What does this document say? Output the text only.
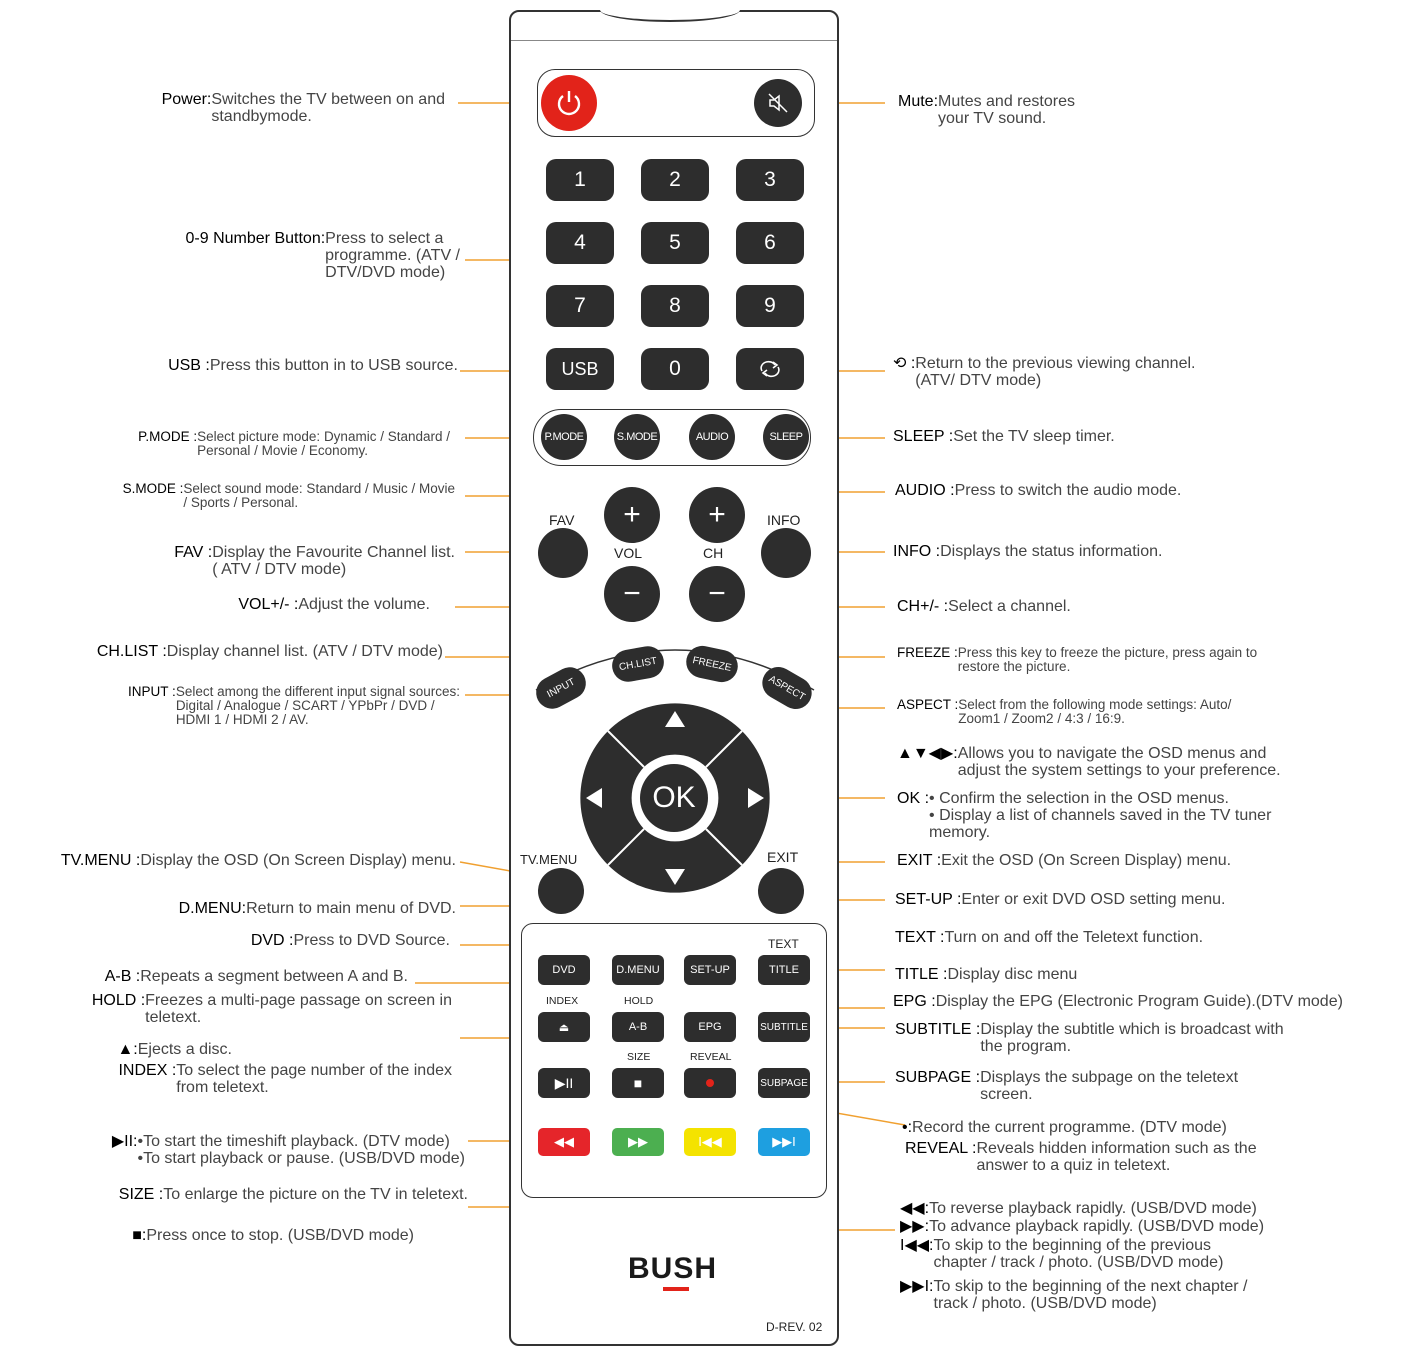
1	2	3
4	5	6
7	8	9
USB	0
P.MODE	S.MODE	AUDIO	SLEEP
FAV	INFO
+ +
VOL	CH
− −
INPUT
CH.LIST	FREEZE
ASPECT
OK
TV.MENU	EXIT
TEXT
DVD	D.MENU	SET-UP	TITLE
INDEX	HOLD
⏏	A-B	EPG	SUBTITLE
SIZE	REVEAL
▶II	■	SUBPAGE
◀◀	▶▶	I◀◀	▶▶I
BUSH
D-REV. 02
Power: Switches the TV between on and
standbymode.
0-9 Number Button: Press to select a
programme. (ATV /
DTV/DVD mode)
USB : Press this button in to USB source.
P.MODE : Select picture mode: Dynamic / Standard /
Personal / Movie / Economy.
S.MODE : Select sound mode: Standard / Music / Movie
/ Sports / Personal.
FAV : Display the Favourite Channel list.
( ATV / DTV mode)
VOL+/- : Adjust the volume.
CH.LIST : Display channel list. (ATV / DTV mode)
INPUT : Select among the different input signal sources:
Digital / Analogue / SCART / YPbPr / DVD /
HDMI 1 / HDMI 2 / AV.
TV.MENU : Display the OSD (On Screen Display) menu.
D.MENU: Return to main menu of DVD.
DVD : Press to DVD Source.
A-B : Repeats a segment between A and B.
HOLD : Freezes a multi-page passage on screen in
teletext.
▲: Ejects a disc.
INDEX : To select the page number of the index
from teletext.
▶II: •To start the timeshift playback. (DTV mode)
•To start playback or pause. (USB/DVD mode)
SIZE : To enlarge the picture on the TV in teletext.
■: Press once to stop. (USB/DVD mode)
Mute: Mutes and restores
your TV sound.
⟲ : Return to the previous viewing channel.
(ATV/ DTV mode)
SLEEP : Set the TV sleep timer.
AUDIO : Press to switch the audio mode.
INFO : Displays the status information.
CH+/- : Select a channel.
FREEZE : Press this key to freeze the picture, press again to
restore the picture.
ASPECT : Select from the following mode settings: Auto/
Zoom1 / Zoom2 / 4:3 / 16:9.
▲▼◀▶: Allows you to navigate the OSD menus and
adjust the system settings to your preference.
OK : • Confirm the selection in the OSD menus.
• Display a list of channels saved in the TV tuner
memory.
EXIT : Exit the OSD (On Screen Display) menu.
SET-UP : Enter or exit DVD OSD setting menu.
TEXT : Turn on and off the Teletext function.
TITLE : Display disc menu
EPG : Display the EPG (Electronic Program Guide).(DTV mode)
SUBTITLE : Display the subtitle which is broadcast with
the program.
SUBPAGE : Displays the subpage on the teletext
screen.
•: Record the current programme. (DTV mode)
REVEAL : Reveals hidden information such as the
answer to a quiz in teletext.
◀◀: To reverse playback rapidly. (USB/DVD mode)
▶▶: To advance playback rapidly. (USB/DVD mode)
I◀◀: To skip to the beginning of the previous
chapter / track / photo. (USB/DVD mode)
▶▶I: To skip to the beginning of the next chapter /
track / photo. (USB/DVD mode)
